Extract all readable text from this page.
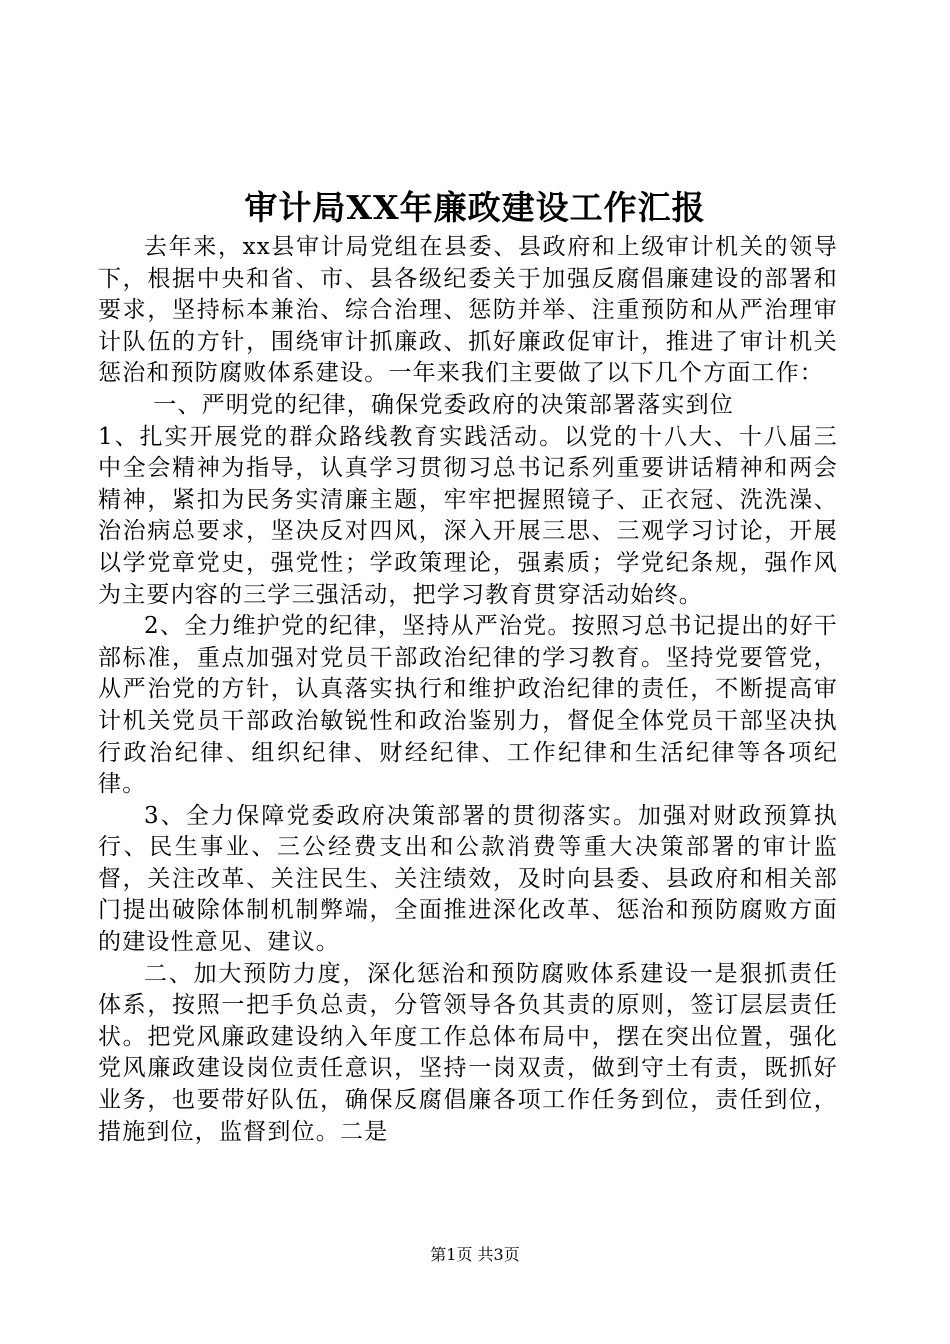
审计局XX年廉政建设工作汇报

去年来，xx县审计局党组在县委、县政府和上级审计机关的领导下，根据中央和省、市、县各级纪委关于加强反腐倡廉建设的部署和要求，坚持标本兼治、综合治理、惩防并举、注重预防和从严治理审计队伍的方针，围绕审计抓廉政、抓好廉政促审计，推进了审计机关惩治和预防腐败体系建设。一年来我们主要做了以下几个方面工作：

一、严明党的纪律，确保党委政府的决策部署落实到位

1、扎实开展党的群众路线教育实践活动。以党的十八大、十八届三中全会精神为指导，认真学习贯彻习总书记系列重要讲话精神和两会精神，紧扣为民务实清廉主题，牢牢把握照镜子、正衣冠、洗洗澡、治治病总要求，坚决反对四风，深入开展三思、三观学习讨论，开展以学党章党史，强党性；学政策理论，强素质；学党纪条规，强作风为主要内容的三学三强活动，把学习教育贯穿活动始终。

2、全力维护党的纪律，坚持从严治党。按照习总书记提出的好干部标准，重点加强对党员干部政治纪律的学习教育。坚持党要管党，从严治党的方针，认真落实执行和维护政治纪律的责任，不断提高审计机关党员干部政治敏锐性和政治鉴别力，督促全体党员干部坚决执行政治纪律、组织纪律、财经纪律、工作纪律和生活纪律等各项纪律。

3、全力保障党委政府决策部署的贯彻落实。加强对财政预算执行、民生事业、三公经费支出和公款消费等重大决策部署的审计监督，关注改革、关注民生、关注绩效，及时向县委、县政府和相关部门提出破除体制机制弊端，全面推进深化改革、惩治和预防腐败方面的建设性意见、建议。

二、加大预防力度，深化惩治和预防腐败体系建设一是狠抓责任体系，按照一把手负总责，分管领导各负其责的原则，签订层层责任状。把党风廉政建设纳入年度工作总体布局中，摆在突出位置，强化党风廉政建设岗位责任意识，坚持一岗双责，做到守土有责，既抓好业务，也要带好队伍，确保反腐倡廉各项工作任务到位，责任到位，措施到位，监督到位。二是

第1页 共3页
